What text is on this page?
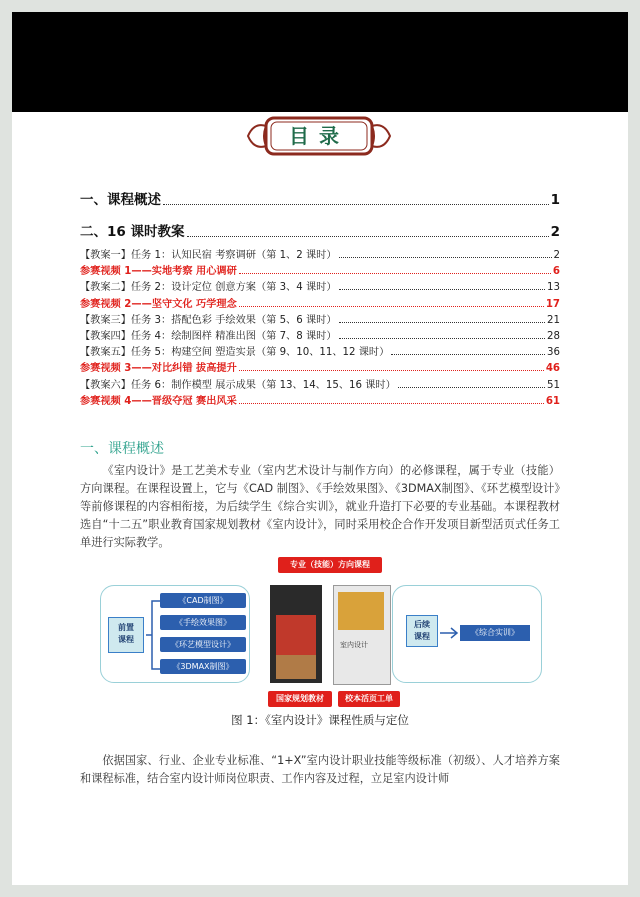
目录
一、课程概述	1
二、16 课时教案	2
【教案一】任务 1：认知民宿 考察调研（第 1、2 课时）	2
参赛视频 1——实地考察 用心调研	6
【教案二】任务 2：设计定位 创意方案（第 3、4 课时）	13
参赛视频 2——坚守文化 巧学理念	17
【教案三】任务 3：搭配色彩 手绘效果（第 5、6 课时）	21
【教案四】任务 4：绘制图样 精准出图（第 7、8 课时）	28
【教案五】任务 5：构建空间 塑造实景（第 9、10、11、12 课时）	36
参赛视频 3——对比纠错 拔高提升	46
【教案六】任务 6：制作模型 展示成果（第 13、14、15、16 课时）	51
参赛视频 4——晋级夺冠 赛出风采	61
一、课程概述
《室内设计》是工艺美术专业（室内艺术设计与制作方向）的必修课程，属于专业（技能）方向课程。在课程设置上，它与《CAD 制图》、《手绘效果图》、《3DMAX制图》、《环艺模型设计》等前修课程的内容相衔接，为后续学生《综合实训》，就业升造打下必要的专业基础。本课程教材选自“十二五”职业教育国家规划教材《室内设计》，同时采用校企合作开发项目新型活页式任务工单进行实际教学。
专业（技能）方向课程
前置
课程
《CAD制图》
《手绘效果图》
《环艺模型设计》
《3DMAX制图》
室内设计
国家规划教材	校本活页工单
后续
课程	《综合实训》
图 1：《室内设计》课程性质与定位
依据国家、行业、企业专业标准、“1+X”室内设计职业技能等级标准（初级）、人才培养方案和课程标准，结合室内设计师岗位职责、工作内容及过程，立足室内设计师
